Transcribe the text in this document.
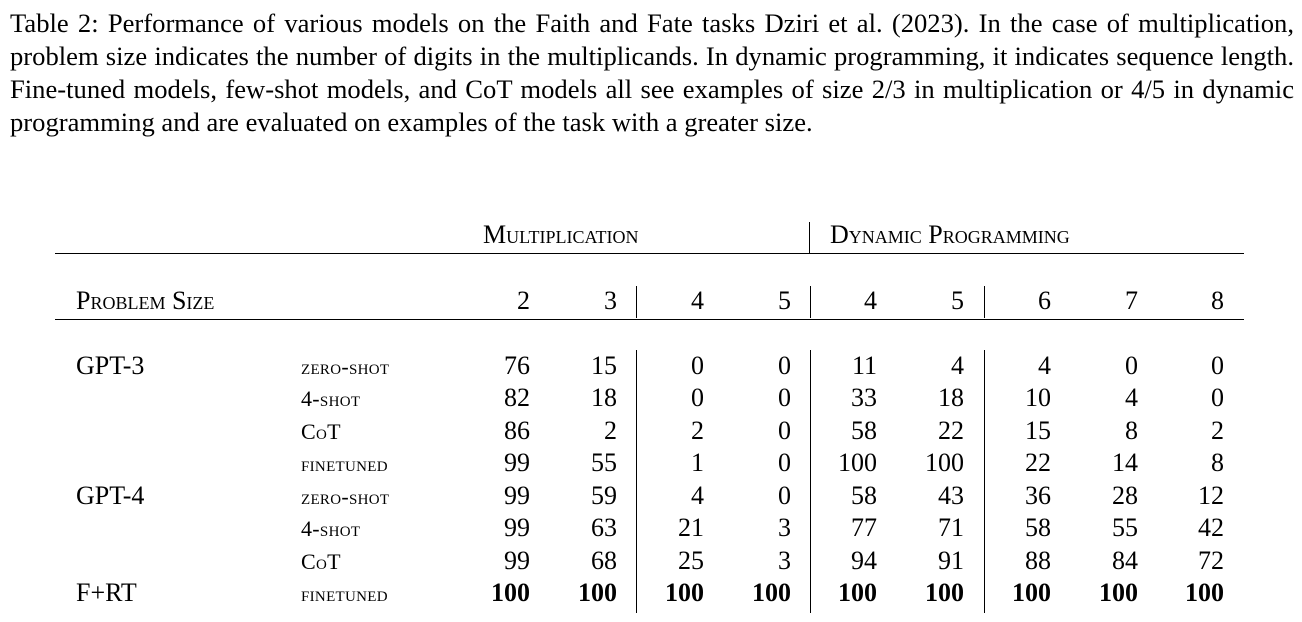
Table 2: Performance of various models on the Faith and Fate tasks Dziri et al. (2023). In the case of multiplication, problem size indicates the number of digits in the multiplicands. In dynamic programming, it indicates sequence length. Fine-tuned models, few-shot models, and CoT models all see examples of size 2/3 in multiplication or 4/5 in dynamic programming and are evaluated on examples of the task with a greater size.
Multiplication	Dynamic Programming
Problem Size	2	3	4	5	4	5	6	7	8
GPT-3	zero-shot	76	15	0	0	11	4	4	0	0
4-shot	82	18	0	0	33	18	10	4	0
CoT	86	2	2	0	58	22	15	8	2
finetuned	99	55	1	0	100	100	22	14	8
GPT-4	zero-shot	99	59	4	0	58	43	36	28	12
4-shot	99	63	21	3	77	71	58	55	42
CoT	99	68	25	3	94	91	88	84	72
F+RT	finetuned	100	100	100	100	100	100	100	100	100
